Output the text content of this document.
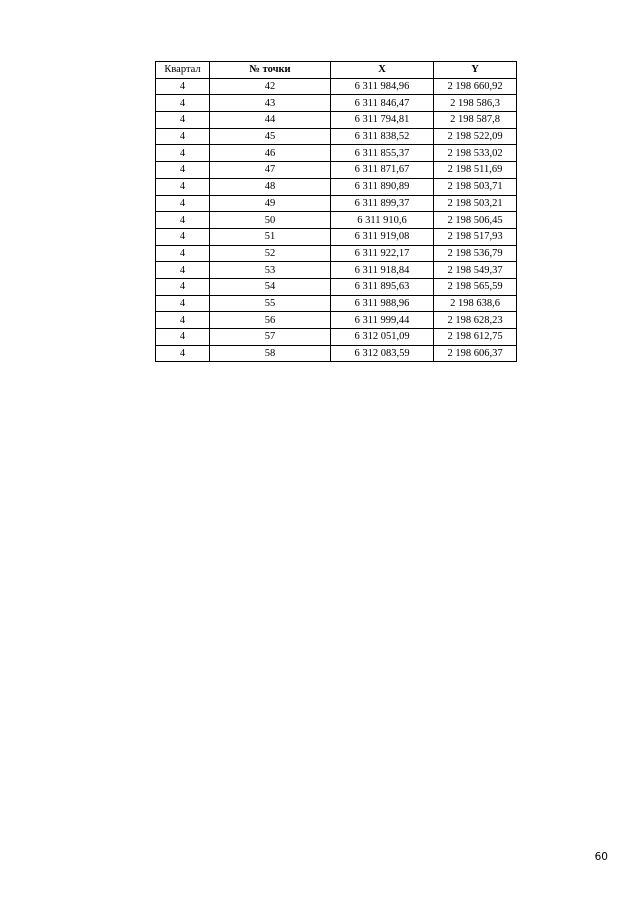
Квартал	№ точки	X	Y
4	42	6 311 984,96	2 198 660,92
4	43	6 311 846,47	2 198 586,3
4	44	6 311 794,81	2 198 587,8
4	45	6 311 838,52	2 198 522,09
4	46	6 311 855,37	2 198 533,02
4	47	6 311 871,67	2 198 511,69
4	48	6 311 890,89	2 198 503,71
4	49	6 311 899,37	2 198 503,21
4	50	6 311 910,6	2 198 506,45
4	51	6 311 919,08	2 198 517,93
4	52	6 311 922,17	2 198 536,79
4	53	6 311 918,84	2 198 549,37
4	54	6 311 895,63	2 198 565,59
4	55	6 311 988,96	2 198 638,6
4	56	6 311 999,44	2 198 628,23
4	57	6 312 051,09	2 198 612,75
4	58	6 312 083,59	2 198 606,37
60
